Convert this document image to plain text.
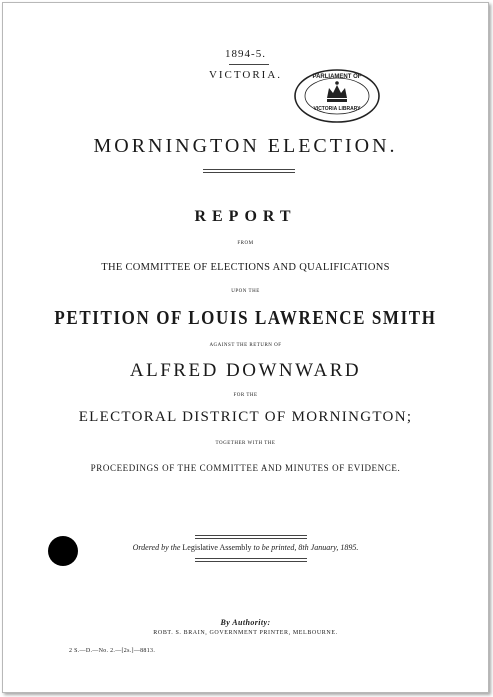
1894-5.
VICTORIA.	PARLIAMENT OF
VICTORIA LIBRARY
MORNINGTON ELECTION.
REPORT
FROM
THE COMMITTEE OF ELECTIONS AND QUALIFICATIONS
UPON THE
PETITION OF LOUIS LAWRENCE SMITH
AGAINST THE RETURN OF
ALFRED DOWNWARD
FOR THE
ELECTORAL DISTRICT OF MORNINGTON;
TOGETHER WITH THE
PROCEEDINGS OF THE COMMITTEE AND MINUTES OF EVIDENCE.
Ordered by the Legislative Assembly to be printed, 8th January, 1895.
By Authority:
ROBT. S. BRAIN, GOVERNMENT PRINTER, MELBOURNE.
2 S.—D.—No. 2.—[2s.]—8813.
